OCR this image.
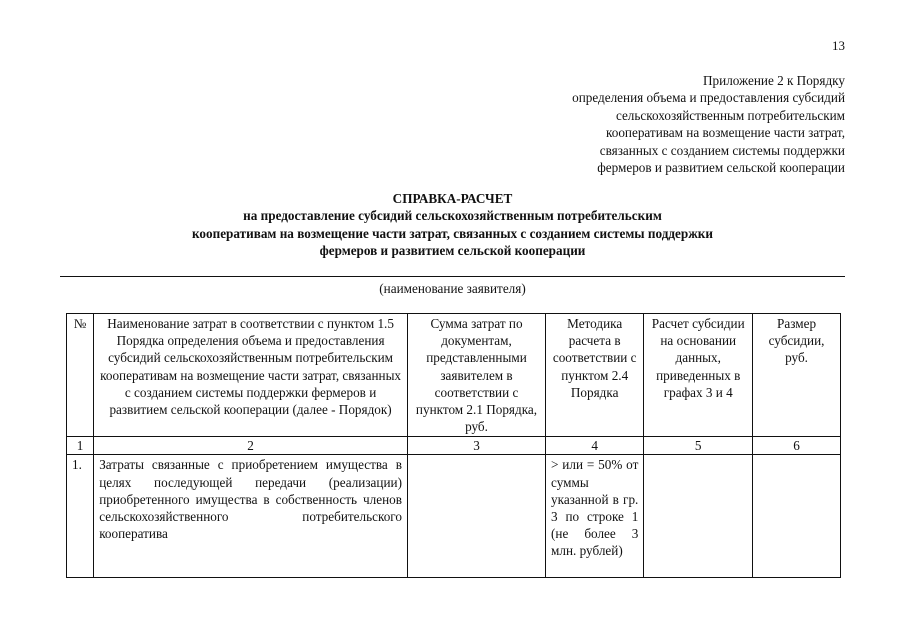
13
Приложение 2 к Порядку
определения объема и предоставления субсидий
сельскохозяйственным потребительским
кооперативам на возмещение части затрат,
связанных с созданием системы поддержки
фермеров и развитием сельской кооперации
СПРАВКА-РАСЧЕТ
на предоставление субсидий сельскохозяйственным потребительским
кооперативам на возмещение части затрат, связанных с созданием системы поддержки
фермеров и развитием сельской кооперации
(наименование заявителя)
№	Наименование затрат в соответствии с пунктом 1.5 Порядка определения объема и предоставления субсидий сельскохозяйственным потребительским кооперативам на возмещение части затрат, связанных с созданием системы поддержки фермеров и развитием сельской кооперации (далее - Порядок)	Сумма затрат по документам, представленными заявителем в соответствии с пунктом 2.1 Порядка, руб.	Методика расчета в соответствии с пунктом 2.4 Порядка	Расчет субсидии на основании данных, приведенных в графах 3 и 4	Размер субсидии, руб.
1	2	3	4	5	6
1.	Затраты связанные с приобретением имущества в целях последующей передачи (реализации) приобретенного имущества в собственность членов сельскохозяйственного потребительского кооператива		> или = 50% от суммы указанной в гр. 3 по строке 1 (не более 3 млн. рублей)		
